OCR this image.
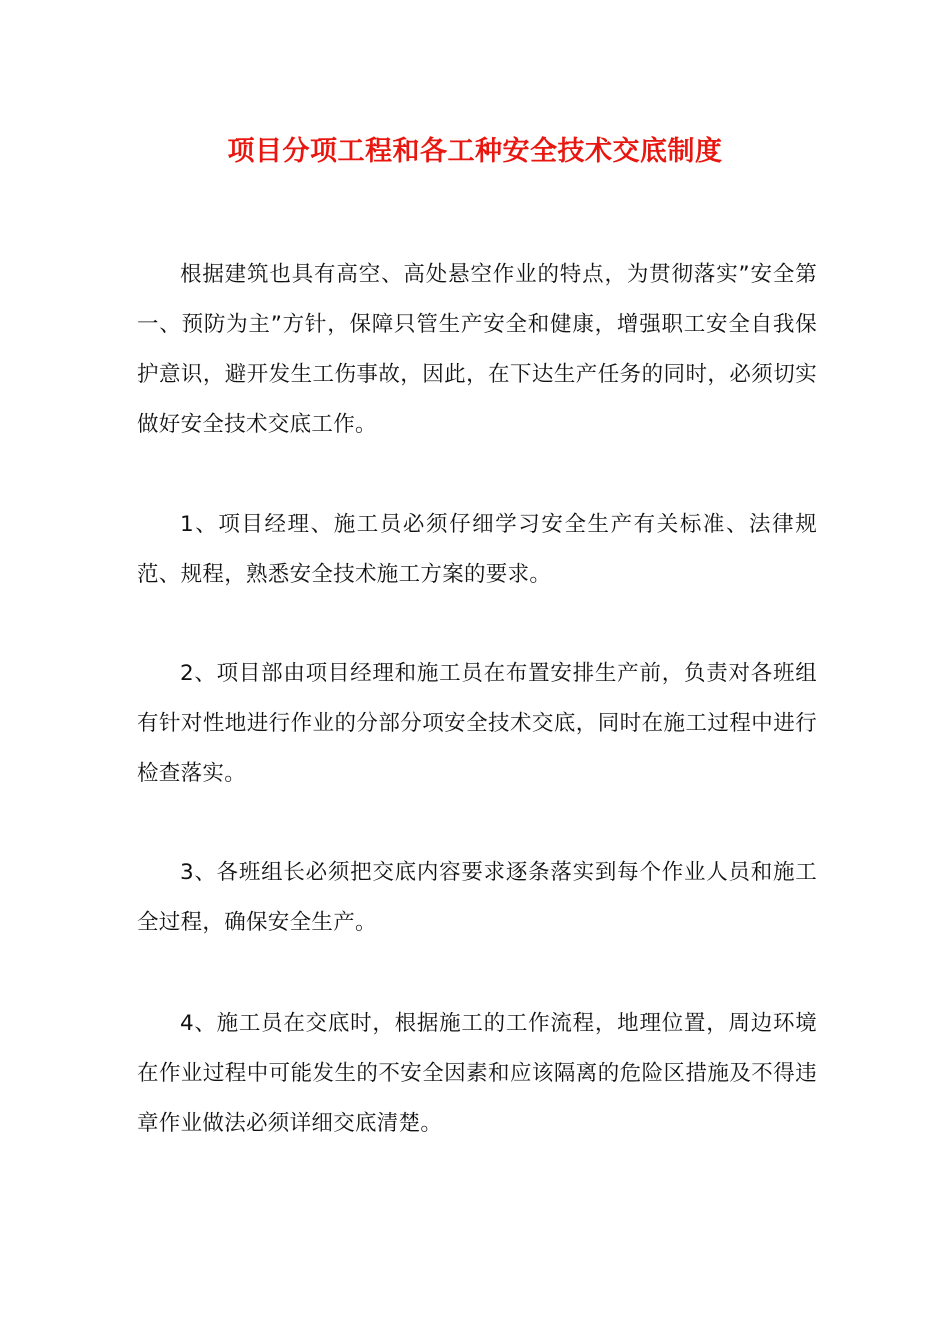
项目分项工程和各工种安全技术交底制度

根据建筑也具有高空、高处悬空作业的特点，为贯彻落实”安全第一、预防为主”方针，保障只管生产安全和健康，增强职工安全自我保护意识，避开发生工伤事故，因此，在下达生产任务的同时，必须切实做好安全技术交底工作。

1、项目经理、施工员必须仔细学习安全生产有关标准、法律规范、规程，熟悉安全技术施工方案的要求。

2、项目部由项目经理和施工员在布置安排生产前，负责对各班组有针对性地进行作业的分部分项安全技术交底，同时在施工过程中进行检查落实。

3、各班组长必须把交底内容要求逐条落实到每个作业人员和施工全过程，确保安全生产。

4、施工员在交底时，根据施工的工作流程，地理位置，周边环境在作业过程中可能发生的不安全因素和应该隔离的危险区措施及不得违章作业做法必须详细交底清楚。
